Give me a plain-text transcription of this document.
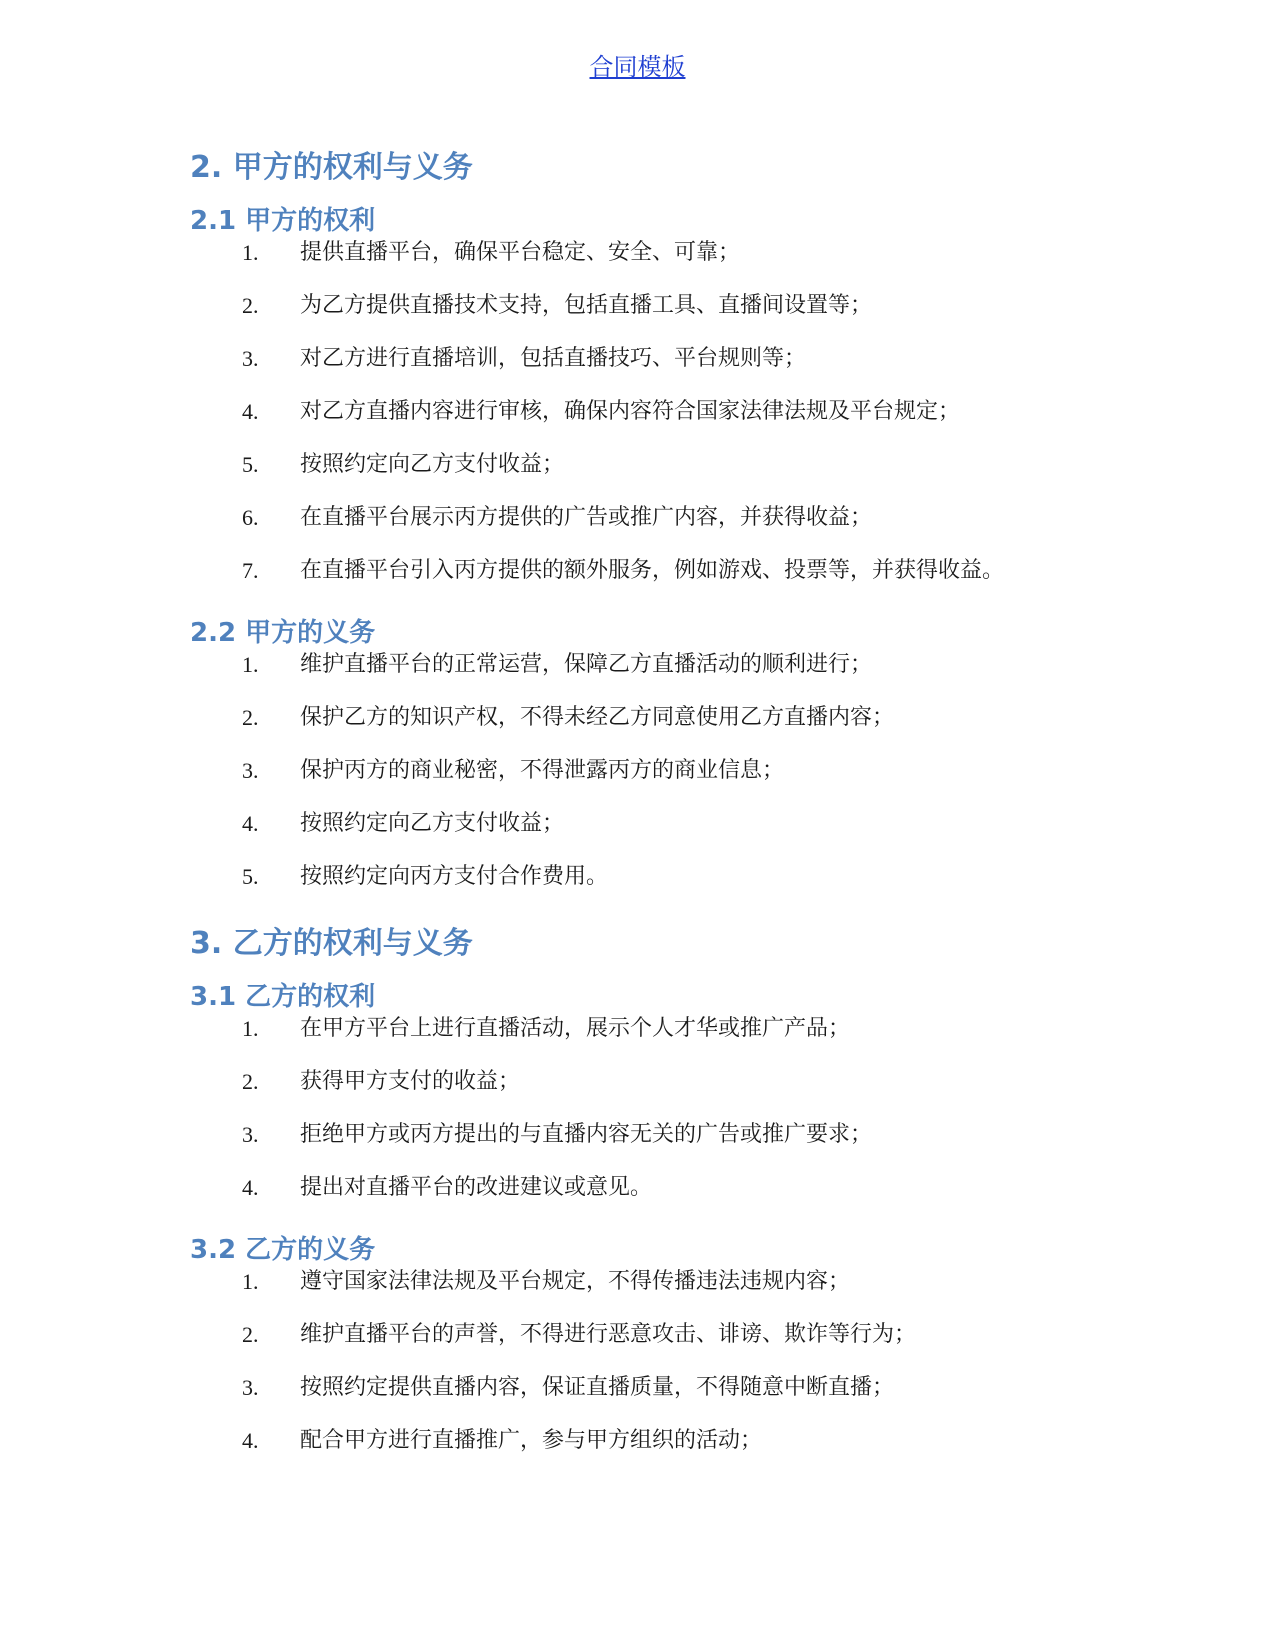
合同模板
2. 甲方的权利与义务
2.1 甲方的权利
1.	提供直播平台，确保平台稳定、安全、可靠；
2.	为乙方提供直播技术支持，包括直播工具、直播间设置等；
3.	对乙方进行直播培训，包括直播技巧、平台规则等；
4.	对乙方直播内容进行审核，确保内容符合国家法律法规及平台规定；
5.	按照约定向乙方支付收益；
6.	在直播平台展示丙方提供的广告或推广内容，并获得收益；
7.	在直播平台引入丙方提供的额外服务，例如游戏、投票等，并获得收益。
2.2 甲方的义务
1.	维护直播平台的正常运营，保障乙方直播活动的顺利进行；
2.	保护乙方的知识产权，不得未经乙方同意使用乙方直播内容；
3.	保护丙方的商业秘密，不得泄露丙方的商业信息；
4.	按照约定向乙方支付收益；
5.	按照约定向丙方支付合作费用。
3. 乙方的权利与义务
3.1 乙方的权利
1.	在甲方平台上进行直播活动，展示个人才华或推广产品；
2.	获得甲方支付的收益；
3.	拒绝甲方或丙方提出的与直播内容无关的广告或推广要求；
4.	提出对直播平台的改进建议或意见。
3.2 乙方的义务
1.	遵守国家法律法规及平台规定，不得传播违法违规内容；
2.	维护直播平台的声誉，不得进行恶意攻击、诽谤、欺诈等行为；
3.	按照约定提供直播内容，保证直播质量，不得随意中断直播；
4.	配合甲方进行直播推广，参与甲方组织的活动；
